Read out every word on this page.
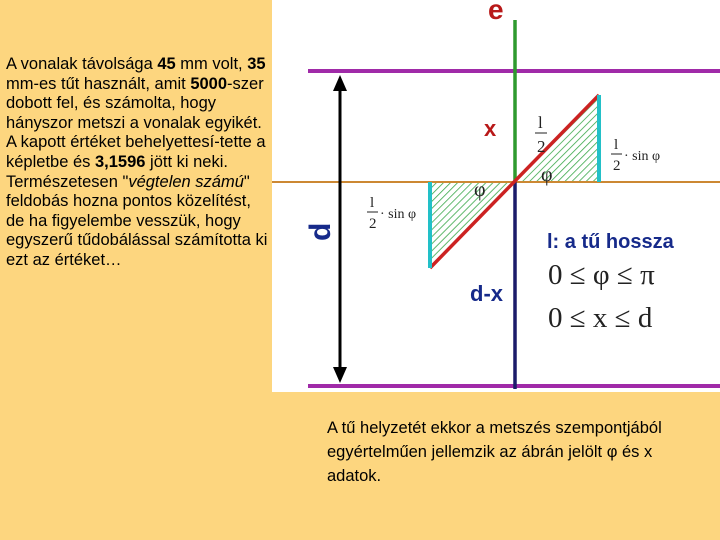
A vonalak távolsága 45 mm volt, 35 mm-es tűt használt, amit 5000-szer dobott fel, és számolta, hogy hányszor metszi a vonalak egyikét. A kapott értéket behelyettesí-tette a képletbe és 3,1596 jött ki neki. Természetesen "végtelen számú" feldobás hozna pontos közelítést, de ha figyelembe vesszük, hogy egyszerű tűdobálással számította ki ezt az értéket…
e
d
x
d-x
φ
φ
l
2	l
2
· sin φ
l
2
· sin φ
l: a tű hossza
0 ≤ φ ≤ π
0 ≤ x ≤ d
A tű helyzetét ekkor a metszés szempontjából egyértelműen jellemzik az ábrán jelölt φ és x adatok.
